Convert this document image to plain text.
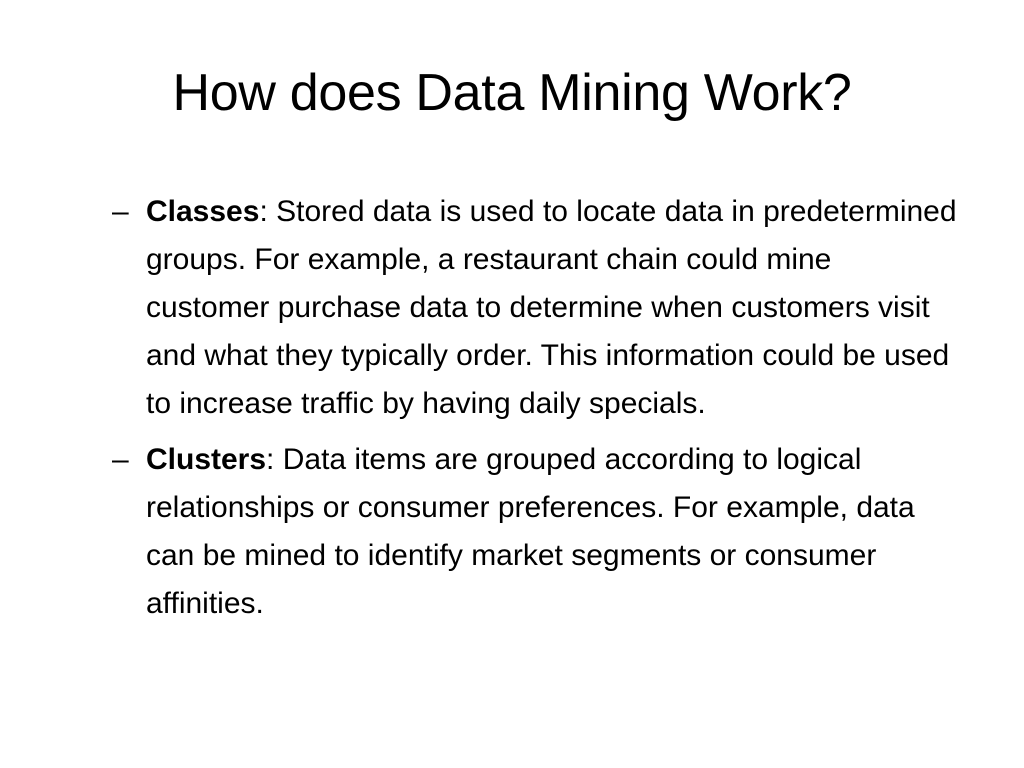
How does Data Mining Work?
– Classes: Stored data is used to locate data in predetermined groups. For example, a restaurant chain could mine customer purchase data to determine when customers visit and what they typically order. This information could be used to increase traffic by having daily specials.
– Clusters: Data items are grouped according to logical relationships or consumer preferences. For example, data can be mined to identify market segments or consumer affinities.
